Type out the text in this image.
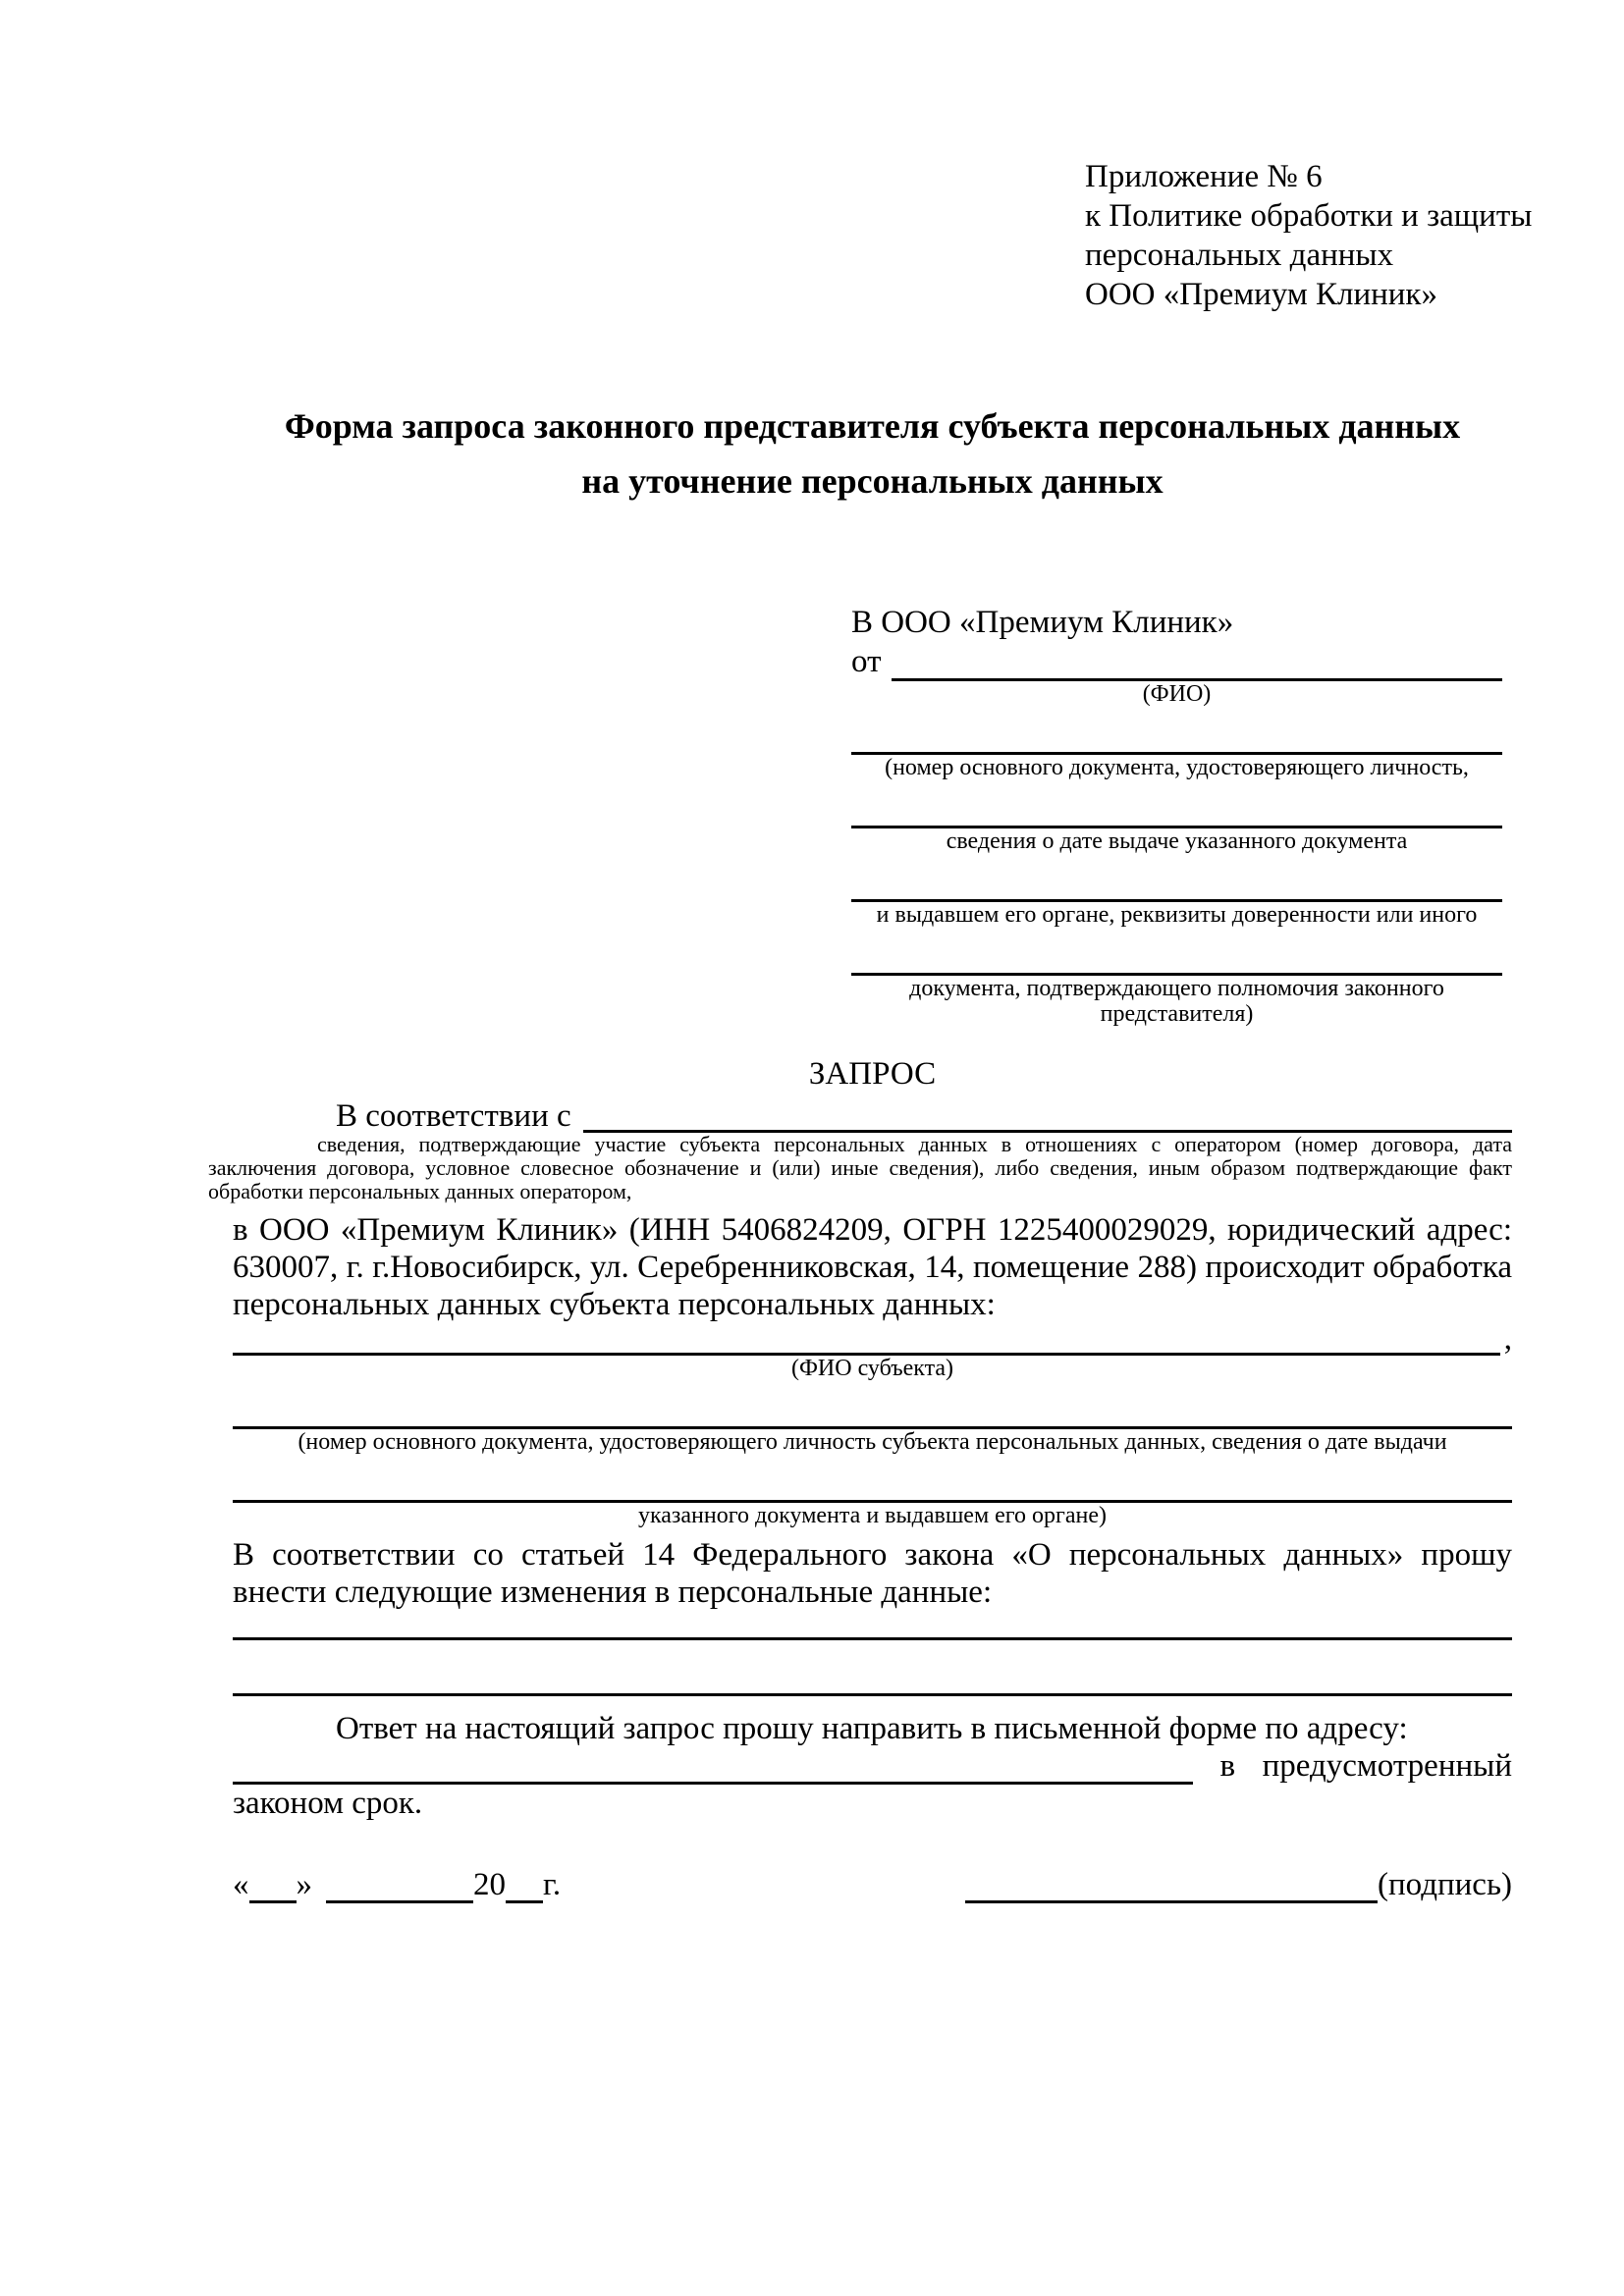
Приложение № 6
к Политике обработки и защиты
персональных данных
ООО «Премиум Клиник»
Форма запроса законного представителя субъекта персональных данных
на уточнение персональных данных
В ООО «Премиум Клиник»
от
(ФИО)
(номер основного документа, удостоверяющего личность,
сведения о дате выдаче указанного документа
и выдавшем его органе, реквизиты доверенности или иного
документа, подтверждающего полномочия законного представителя)
ЗАПРОС
В соответствии с
сведения, подтверждающие участие субъекта персональных данных в отношениях с оператором (номер договора, дата заключения договора, условное словесное обозначение и (или) иные сведения), либо сведения, иным образом подтверждающие факт обработки персональных данных оператором,
в ООО «Премиум Клиник» (ИНН 5406824209, ОГРН 1225400029029, юридический адрес: 630007, г. г.Новосибирск, ул. Серебренниковская, 14, помещение 288) происходит обработка персональных данных субъекта персональных данных:
,
(ФИО субъекта)
(номер основного документа, удостоверяющего личность субъекта персональных данных, сведения о дате выдачи
указанного документа и выдавшем его органе)
В соответствии со статьей 14 Федерального закона «О персональных данных» прошу внести следующие изменения в персональные данные:
Ответ на настоящий запрос прошу направить в письменной форме по адресу:
в предусмотренный
законом срок.
« »	20 г.	(подпись)
